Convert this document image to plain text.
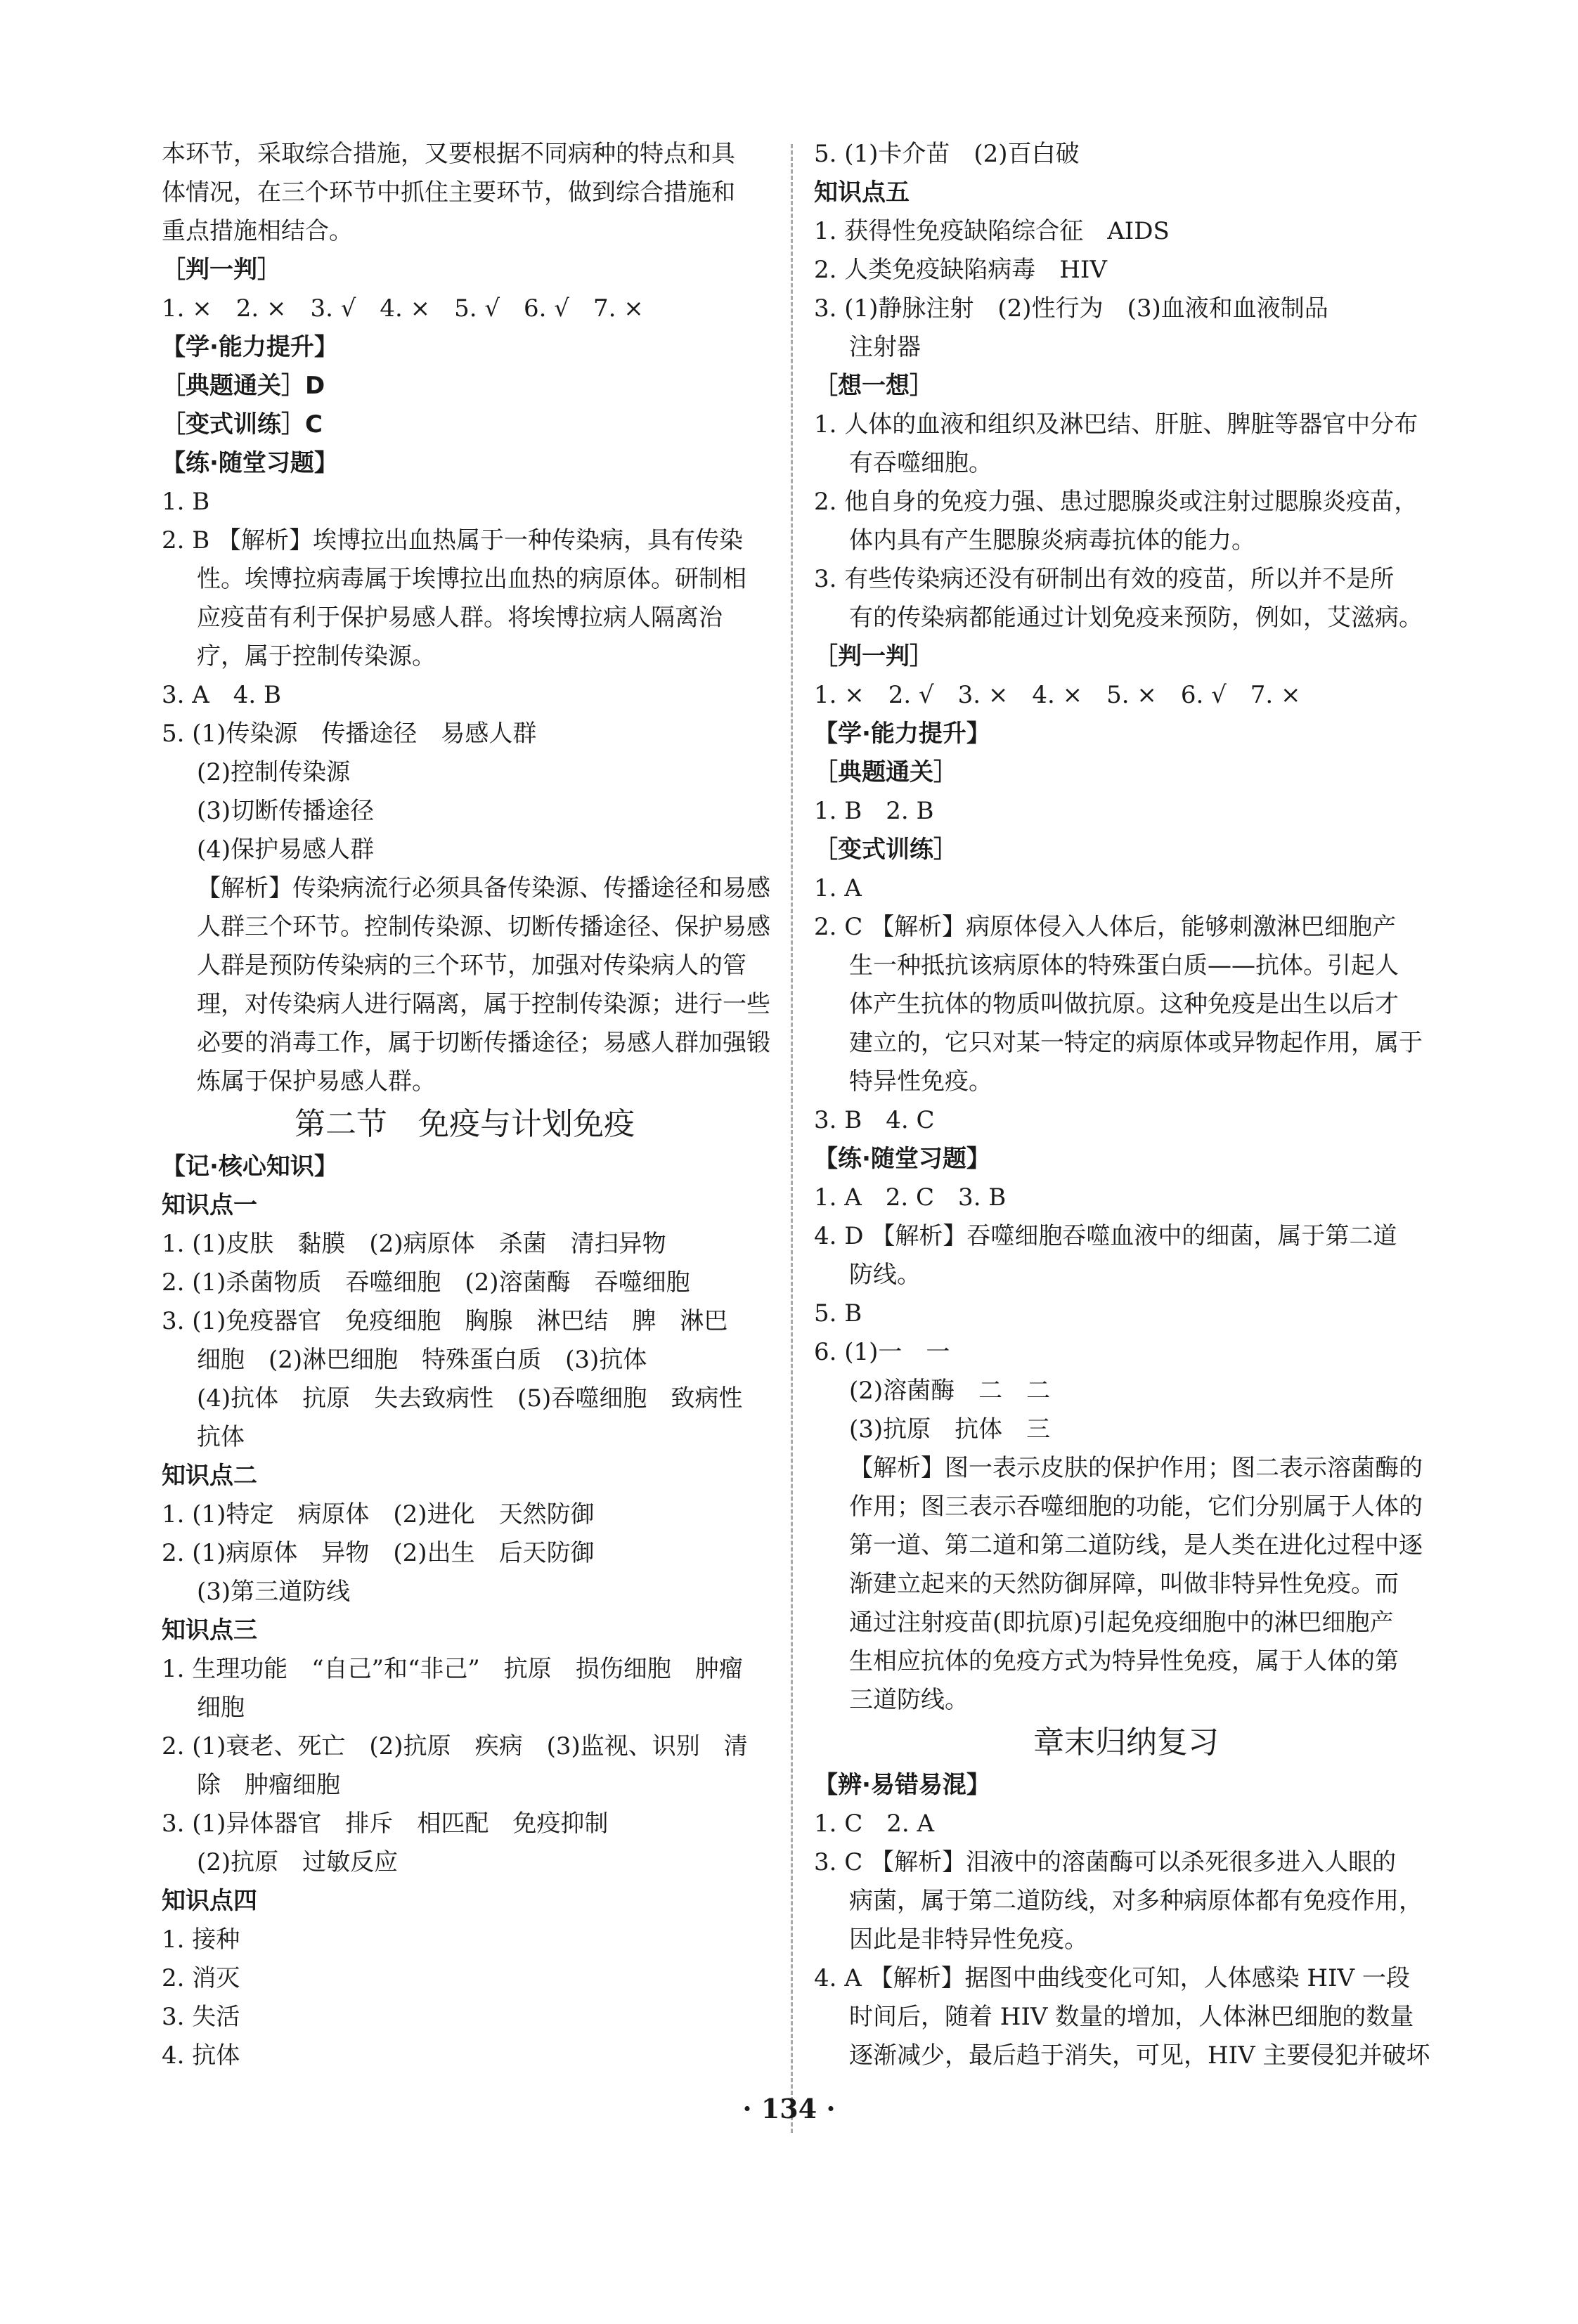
本环节，采取综合措施，又要根据不同病种的特点和具
体情况，在三个环节中抓住主要环节，做到综合措施和
重点措施相结合。
［判一判］
1. ×　2. ×　3. √　4. ×　5. √　6. √　7. ×
【学·能力提升】
［典题通关］D
［变式训练］C
【练·随堂习题】
1. B
2. B 【解析】埃博拉出血热属于一种传染病，具有传染
性。埃博拉病毒属于埃博拉出血热的病原体。研制相
应疫苗有利于保护易感人群。将埃博拉病人隔离治
疗，属于控制传染源。
3. A　4. B
5. (1)传染源　传播途径　易感人群
(2)控制传染源
(3)切断传播途径
(4)保护易感人群
【解析】传染病流行必须具备传染源、传播途径和易感
人群三个环节。控制传染源、切断传播途径、保护易感
人群是预防传染病的三个环节，加强对传染病人的管
理，对传染病人进行隔离，属于控制传染源；进行一些
必要的消毒工作，属于切断传播途径；易感人群加强锻
炼属于保护易感人群。
第二节　免疫与计划免疫
【记·核心知识】
知识点一
1. (1)皮肤　黏膜　(2)病原体　杀菌　清扫异物
2. (1)杀菌物质　吞噬细胞　(2)溶菌酶　吞噬细胞
3. (1)免疫器官　免疫细胞　胸腺　淋巴结　脾　淋巴
细胞　(2)淋巴细胞　特殊蛋白质　(3)抗体
(4)抗体　抗原　失去致病性　(5)吞噬细胞　致病性
抗体
知识点二
1. (1)特定　病原体　(2)进化　天然防御
2. (1)病原体　异物　(2)出生　后天防御
(3)第三道防线
知识点三
1. 生理功能　“自己”和“非己”　抗原　损伤细胞　肿瘤
细胞
2. (1)衰老、死亡　(2)抗原　疾病　(3)监视、识别　清
除　肿瘤细胞
3. (1)异体器官　排斥　相匹配　免疫抑制
(2)抗原　过敏反应
知识点四
1. 接种
2. 消灭
3. 失活
4. 抗体
5. (1)卡介苗　(2)百白破
知识点五
1. 获得性免疫缺陷综合征　AIDS
2. 人类免疫缺陷病毒　HIV
3. (1)静脉注射　(2)性行为　(3)血液和血液制品
注射器
［想一想］
1. 人体的血液和组织及淋巴结、肝脏、脾脏等器官中分布
有吞噬细胞。
2. 他自身的免疫力强、患过腮腺炎或注射过腮腺炎疫苗，
体内具有产生腮腺炎病毒抗体的能力。
3. 有些传染病还没有研制出有效的疫苗，所以并不是所
有的传染病都能通过计划免疫来预防，例如，艾滋病。
［判一判］
1. ×　2. √　3. ×　4. ×　5. ×　6. √　7. ×
【学·能力提升】
［典题通关］
1. B　2. B
［变式训练］
1. A
2. C 【解析】病原体侵入人体后，能够刺激淋巴细胞产
生一种抵抗该病原体的特殊蛋白质——抗体。引起人
体产生抗体的物质叫做抗原。这种免疫是出生以后才
建立的，它只对某一特定的病原体或异物起作用，属于
特异性免疫。
3. B　4. C
【练·随堂习题】
1. A　2. C　3. B
4. D 【解析】吞噬细胞吞噬血液中的细菌，属于第二道
防线。
5. B
6. (1)一　一
(2)溶菌酶　二　二
(3)抗原　抗体　三
【解析】图一表示皮肤的保护作用；图二表示溶菌酶的
作用；图三表示吞噬细胞的功能，它们分别属于人体的
第一道、第二道和第二道防线，是人类在进化过程中逐
渐建立起来的天然防御屏障，叫做非特异性免疫。而
通过注射疫苗(即抗原)引起免疫细胞中的淋巴细胞产
生相应抗体的免疫方式为特异性免疫，属于人体的第
三道防线。
章末归纳复习
【辨·易错易混】
1. C　2. A
3. C 【解析】泪液中的溶菌酶可以杀死很多进入人眼的
病菌，属于第二道防线，对多种病原体都有免疫作用，
因此是非特异性免疫。
4. A 【解析】据图中曲线变化可知，人体感染 HIV 一段
时间后，随着 HIV 数量的增加，人体淋巴细胞的数量
逐渐减少，最后趋于消失，可见，HIV 主要侵犯并破坏
· 134 ·
